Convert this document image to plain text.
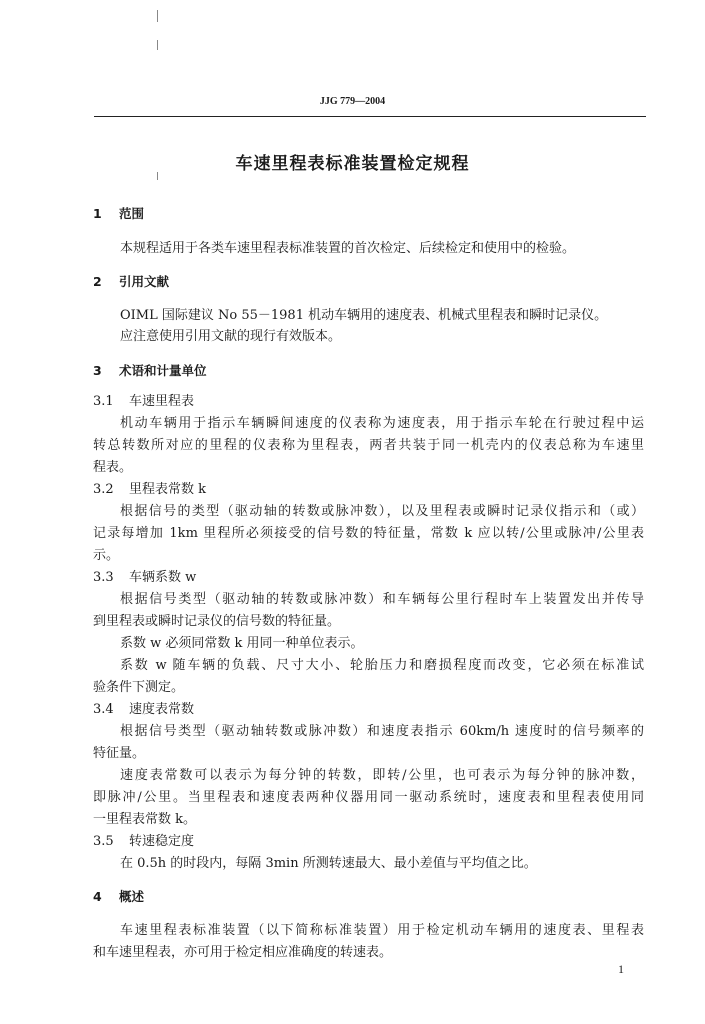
JJG 779—2004
车速里程表标准装置检定规程
1 范围
本规程适用于各类车速里程表标准装置的首次检定、后续检定和使用中的检验。
2 引用文献
OIML 国际建议 No 55－1981 机动车辆用的速度表、机械式里程表和瞬时记录仪。
应注意使用引用文献的现行有效版本。
3 术语和计量单位
3.1 车速里程表
机动车辆用于指示车辆瞬间速度的仪表称为速度表，用于指示车轮在行驶过程中运
转总转数所对应的里程的仪表称为里程表，两者共装于同一机壳内的仪表总称为车速里
程表。
3.2 里程表常数 k
根据信号的类型（驱动轴的转数或脉冲数），以及里程表或瞬时记录仪指示和（或）
记录每增加 1km 里程所必须接受的信号数的特征量，常数 k 应以转/公里或脉冲/公里表
示。
3.3 车辆系数 w
根据信号类型（驱动轴的转数或脉冲数）和车辆每公里行程时车上装置发出并传导
到里程表或瞬时记录仪的信号数的特征量。
系数 w 必须同常数 k 用同一种单位表示。
系数 w 随车辆的负载、尺寸大小、轮胎压力和磨损程度而改变，它必须在标准试
验条件下测定。
3.4 速度表常数
根据信号类型（驱动轴转数或脉冲数）和速度表指示 60km/h 速度时的信号频率的
特征量。
速度表常数可以表示为每分钟的转数，即转/公里，也可表示为每分钟的脉冲数，
即脉冲/公里。当里程表和速度表两种仪器用同一驱动系统时，速度表和里程表使用同
一里程表常数 k。
3.5 转速稳定度
在 0.5h 的时段内，每隔 3min 所测转速最大、最小差值与平均值之比。
4 概述
车速里程表标准装置（以下简称标准装置）用于检定机动车辆用的速度表、里程表
和车速里程表，亦可用于检定相应准确度的转速表。
1
